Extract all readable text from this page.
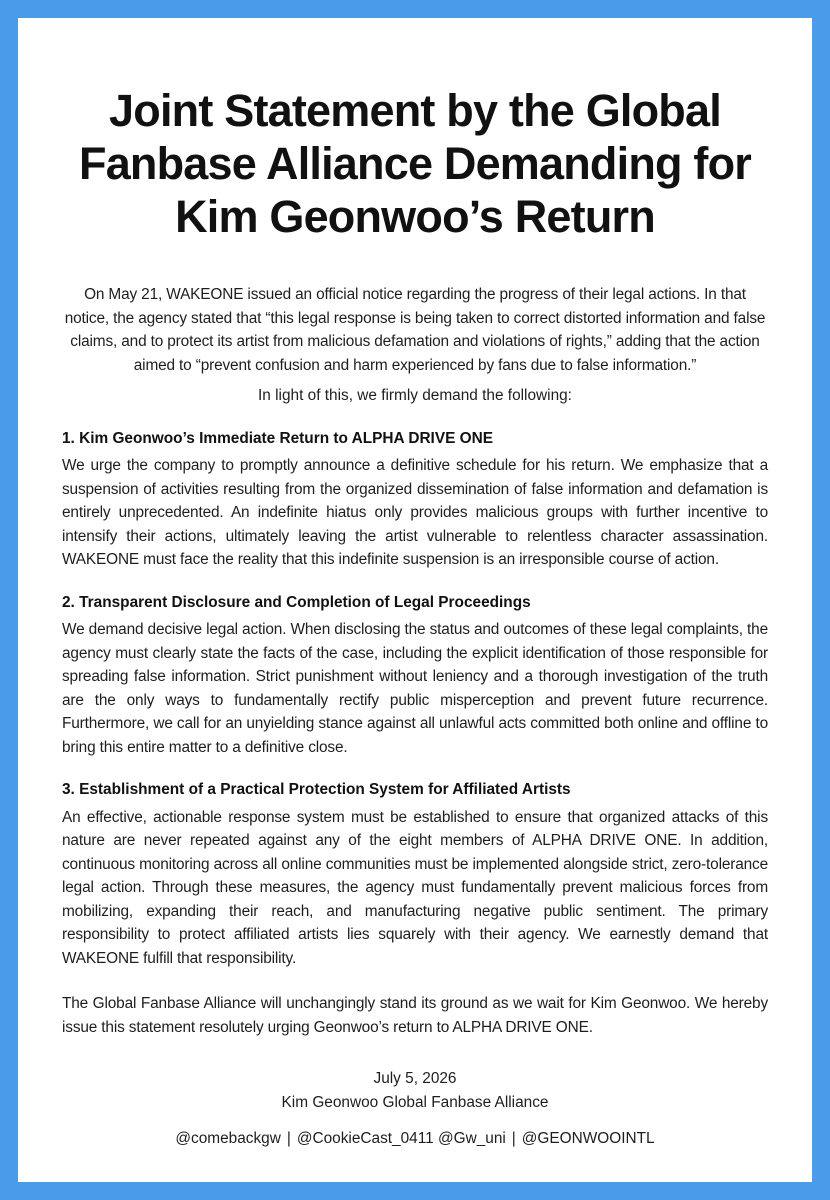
Joint Statement by the Global
Fanbase Alliance Demanding for
Kim Geonwoo’s Return

On May 21, WAKEONE issued an official notice regarding the progress of their legal actions. In that notice, the agency stated that “this legal response is being taken to correct distorted information and false claims, and to protect its artist from malicious defamation and violations of rights,” adding that the action aimed to “prevent confusion and harm experienced by fans due to false information.”

In light of this, we firmly demand the following:

1. Kim Geonwoo’s Immediate Return to ALPHA DRIVE ONE

We urge the company to promptly announce a definitive schedule for his return. We emphasize that a suspension of activities resulting from the organized dissemination of false information and defamation is entirely unprecedented. An indefinite hiatus only provides malicious groups with further incentive to intensify their actions, ultimately leaving the artist vulnerable to relentless character assassination. WAKEONE must face the reality that this indefinite suspension is an irresponsible course of action.

2. Transparent Disclosure and Completion of Legal Proceedings

We demand decisive legal action. When disclosing the status and outcomes of these legal complaints, the agency must clearly state the facts of the case, including the explicit identification of those responsible for spreading false information. Strict punishment without leniency and a thorough investigation of the truth are the only ways to fundamentally rectify public misperception and prevent future recurrence. Furthermore, we call for an unyielding stance against all unlawful acts committed both online and offline to bring this entire matter to a definitive close.

3. Establishment of a Practical Protection System for Affiliated Artists

An effective, actionable response system must be established to ensure that organized attacks of this nature are never repeated against any of the eight members of ALPHA DRIVE ONE. In addition, continuous monitoring across all online communities must be implemented alongside strict, zero-tolerance legal action. Through these measures, the agency must fundamentally prevent malicious forces from mobilizing, expanding their reach, and manufacturing negative public sentiment. The primary responsibility to protect affiliated artists lies squarely with their agency. We earnestly demand that WAKEONE fulfill that responsibility.

The Global Fanbase Alliance will unchangingly stand its ground as we wait for Kim Geonwoo. We hereby issue this statement resolutely urging Geonwoo’s return to ALPHA DRIVE ONE.

July 5, 2026
Kim Geonwoo Global Fanbase Alliance
@comebackgw | @CookieCast_0411 @Gw_uni | @GEONWOOINTL
